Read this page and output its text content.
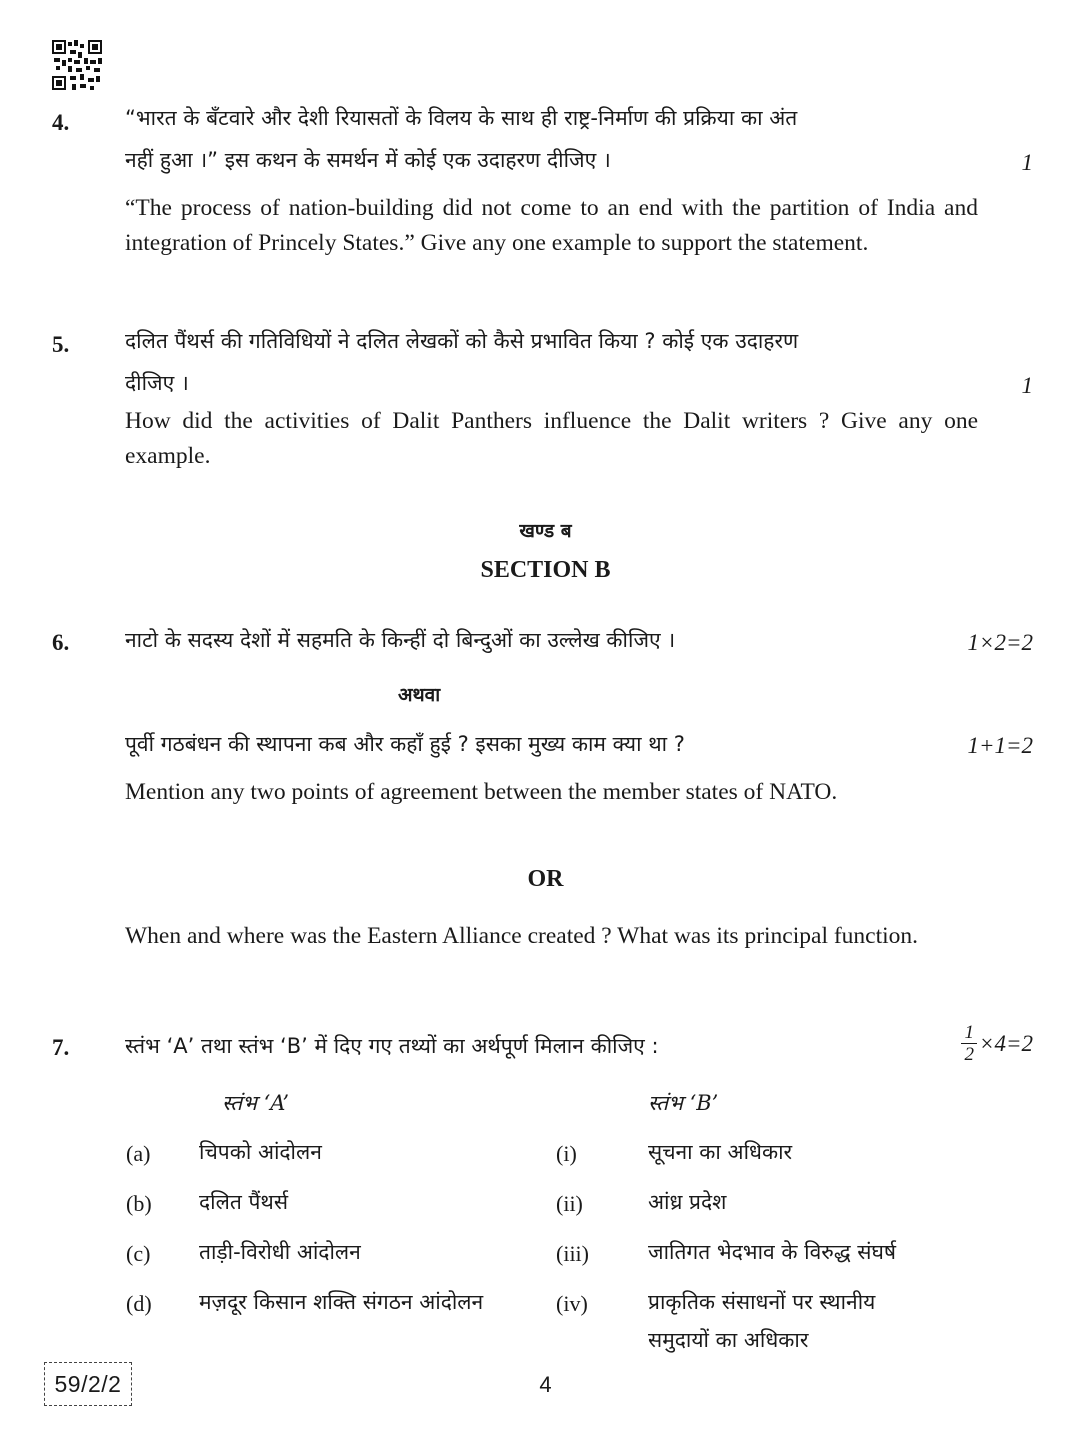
4.	“भारत के बँटवारे और देशी रियासतों के विलय के साथ ही राष्ट्र-निर्माण की प्रक्रिया का अंत
नहीं हुआ ।” इस कथन के समर्थन में कोई एक उदाहरण दीजिए ।	1
“The process of nation-building did not come to an end with the partition of India and integration of Princely States.” Give any one example to support the statement.
5.	दलित पैंथर्स की गतिविधियों ने दलित लेखकों को कैसे प्रभावित किया ? कोई एक उदाहरण
दीजिए ।	1
How did the activities of Dalit Panthers influence the Dalit writers ? Give any one example.
खण्ड ब
SECTION B
6.	नाटो के सदस्य देशों में सहमति के किन्हीं दो बिन्दुओं का उल्लेख कीजिए ।	1×2=2
अथवा
पूर्वी गठबंधन की स्थापना कब और कहाँ हुई ? इसका मुख्य काम क्या था ?	1+1=2
Mention any two points of agreement between the member states of NATO.
OR
When and where was the Eastern Alliance created ? What was its principal function.
7.	स्तंभ ‘A’ तथा स्तंभ ‘B’ में दिए गए तथ्यों का अर्थपूर्ण मिलान कीजिए :	$\frac{1}{2} \times 4=2$
स्तंभ ‘A’	स्तंभ ‘B’
(a) चिपको आंदोलन	(i)	सूचना का अधिकार
(b) दलित पैंथर्स	(ii)	आंध्र प्रदेश
(c) ताड़ी-विरोधी आंदोलन	(iii)	जातिगत भेदभाव के विरुद्ध संघर्ष
(d) मज़दूर किसान शक्ति संगठन आंदोलन	(iv)	प्राकृतिक संसाधनों पर स्थानीय समुदायों का अधिकार
59/2/2	4
